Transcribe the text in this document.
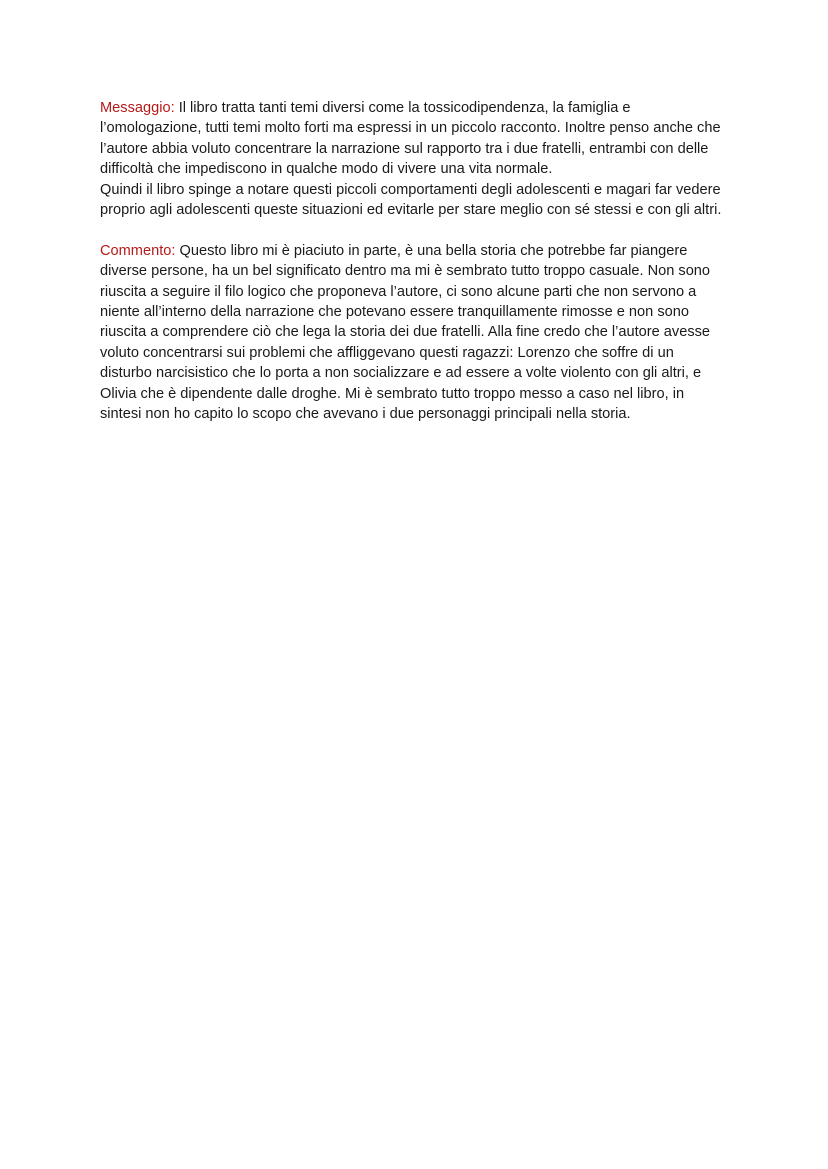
Messaggio: Il libro tratta tanti temi diversi come la tossicodipendenza, la famiglia e l’omologazione, tutti temi molto forti ma espressi in un piccolo racconto. Inoltre penso anche che l’autore abbia voluto concentrare la narrazione sul rapporto tra i due fratelli, entrambi con delle difficoltà che impediscono in qualche modo di vivere una vita normale.

Quindi il libro spinge a notare questi piccoli comportamenti degli adolescenti e magari far vedere proprio agli adolescenti queste situazioni ed evitarle per stare meglio con sé stessi e con gli altri.

Commento: Questo libro mi è piaciuto in parte, è una bella storia che potrebbe far piangere diverse persone, ha un bel significato dentro ma mi è sembrato tutto troppo casuale. Non sono riuscita a seguire il filo logico che proponeva l’autore, ci sono alcune parti che non servono a niente all’interno della narrazione che potevano essere tranquillamente rimosse e non sono riuscita a comprendere ciò che lega la storia dei due fratelli. Alla fine credo che l’autore avesse voluto concentrarsi sui problemi che affliggevano questi ragazzi: Lorenzo che soffre di un disturbo narcisistico che lo porta a non socializzare e ad essere a volte violento con gli altri, e Olivia che è dipendente dalle droghe. Mi è sembrato tutto troppo messo a caso nel libro, in sintesi non ho capito lo scopo che avevano i due personaggi principali nella storia.
